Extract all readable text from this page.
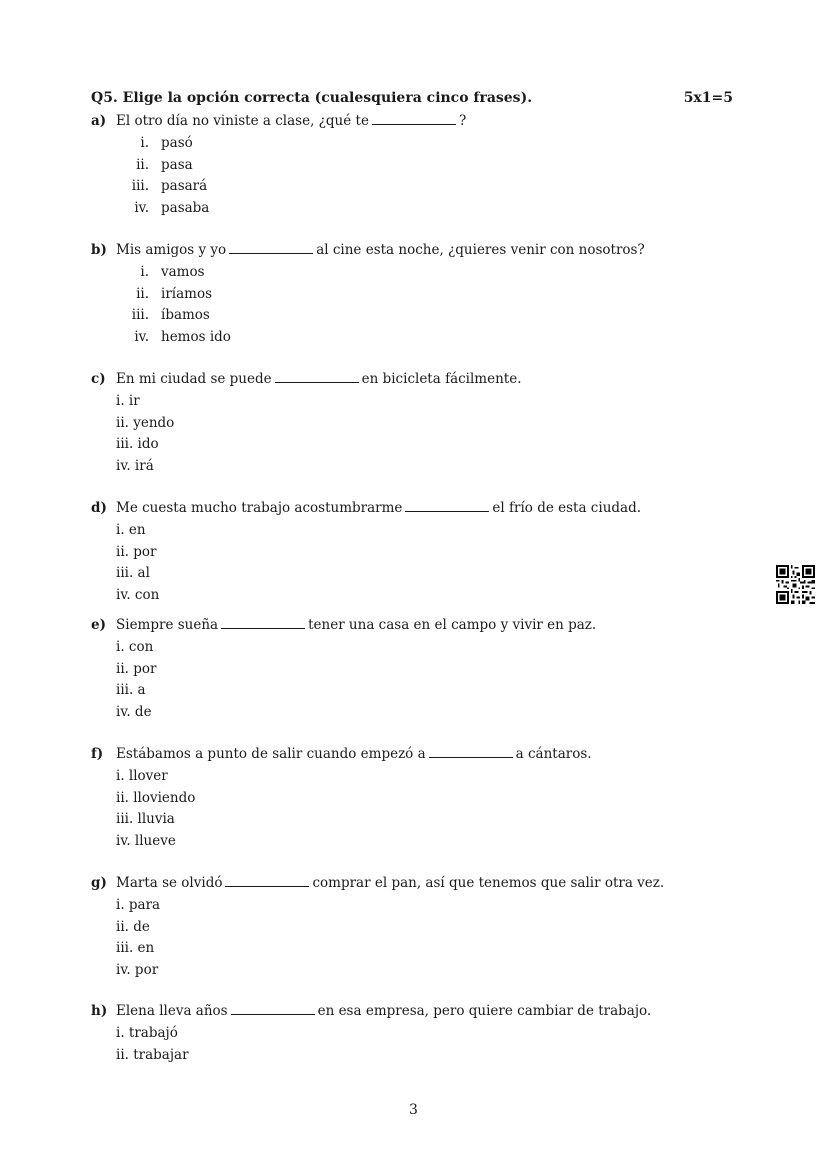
Q5. Elige la opción correcta (cualesquiera cinco frases).	5x1=5
a) El otro día no viniste a clase, ¿qué te	?
i. pasó
ii. pasa
iii. pasará
iv. pasaba
b) Mis amigos y yo	al cine esta noche, ¿quieres venir con nosotros?
i. vamos
ii. iríamos
iii. íbamos
iv. hemos ido
c) En mi ciudad se puede	en bicicleta fácilmente.
i. ir
ii. yendo
iii. ido
iv. irá
d) Me cuesta mucho trabajo acostumbrarme	el frío de esta ciudad.
i. en
ii. por
iii. al
iv. con
e) Siempre sueña	tener una casa en el campo y vivir en paz.
i. con
ii. por
iii. a
iv. de
f) Estábamos a punto de salir cuando empezó a	a cántaros.
i. llover
ii. lloviendo
iii. lluvia
iv. llueve
g) Marta se olvidó	comprar el pan, así que tenemos que salir otra vez.
i. para
ii. de
iii. en
iv. por
h) Elena lleva años	en esa empresa, pero quiere cambiar de trabajo.
i. trabajó
ii. trabajar
3
